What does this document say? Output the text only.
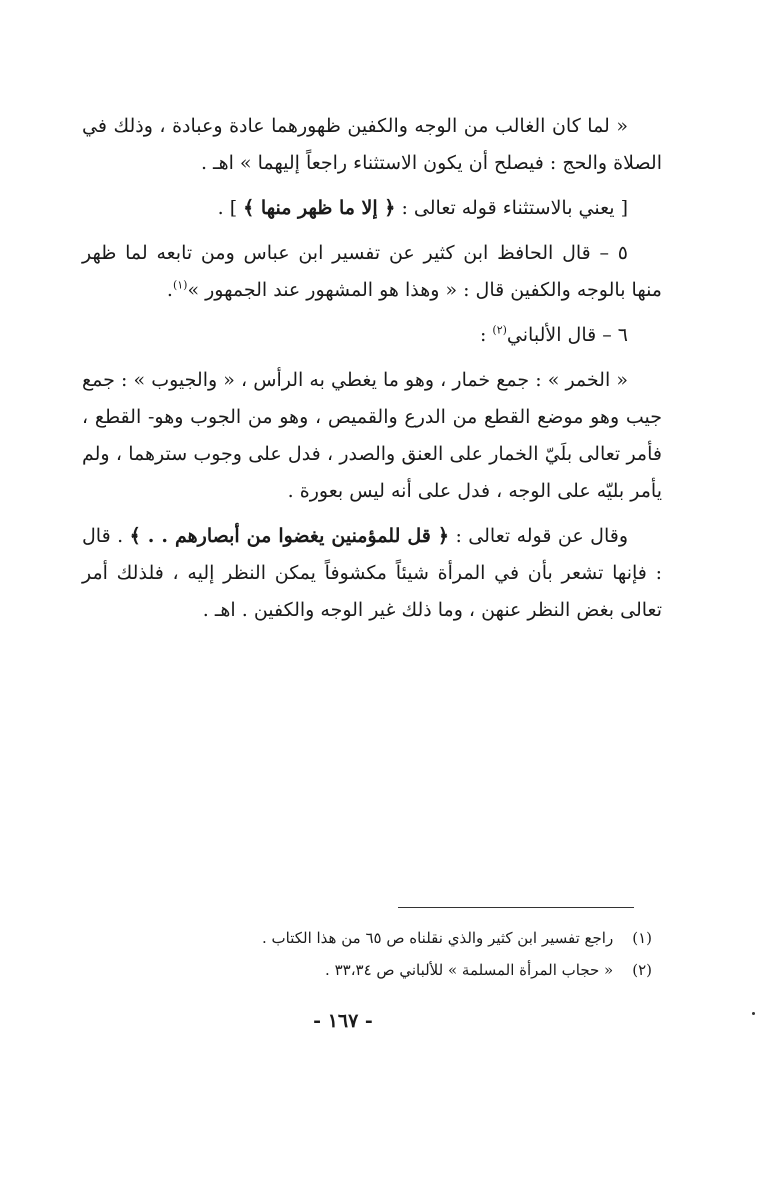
« لما كان الغالب من الوجه والكفين ظهورهما عادة وعبادة ، وذلك في الصلاة والحج : فيصلح أن يكون الاستثناء راجعاً إليهما » اهـ .

[ يعني بالاستثناء قوله تعالى : ﴿ إلا ما ظهر منها ﴾ ] .

٥ – قال الحافظ ابن كثير عن تفسير ابن عباس ومن تابعه لما ظهر منها بالوجه والكفين قال : « وهذا هو المشهور عند الجمهور »$^{(١)}$.

٦ – قال الألباني$^{(٢)}$ :

« الخمر » : جمع خمار ، وهو ما يغطي به الرأس ، « والجيوب » : جمع جيب وهو موضع القطع من الدرع والقميص ، وهو من الجوب وهو- القطع ، فأمر تعالى بلَيّ الخمار على العنق والصدر ، فدل على وجوب سترهما ، ولم يأمر بليّه على الوجه ، فدل على أنه ليس بعورة .

وقال عن قوله تعالى : ﴿ قل للمؤمنين يغضوا من أبصارهم . . ﴾ . قال : فإنها تشعر بأن في المرأة شيئاً مكشوفاً يمكن النظر إليه ، فلذلك أمر تعالى بغض النظر عنهن ، وما ذلك غير الوجه والكفين . اهـ .

(١) راجع تفسير ابن كثير والذي نقلناه ص ٦٥ من هذا الكتاب .
(٢) « حجاب المرأة المسلمة » للألباني ص ٣٣،٣٤ .
- ١٦٧ -
